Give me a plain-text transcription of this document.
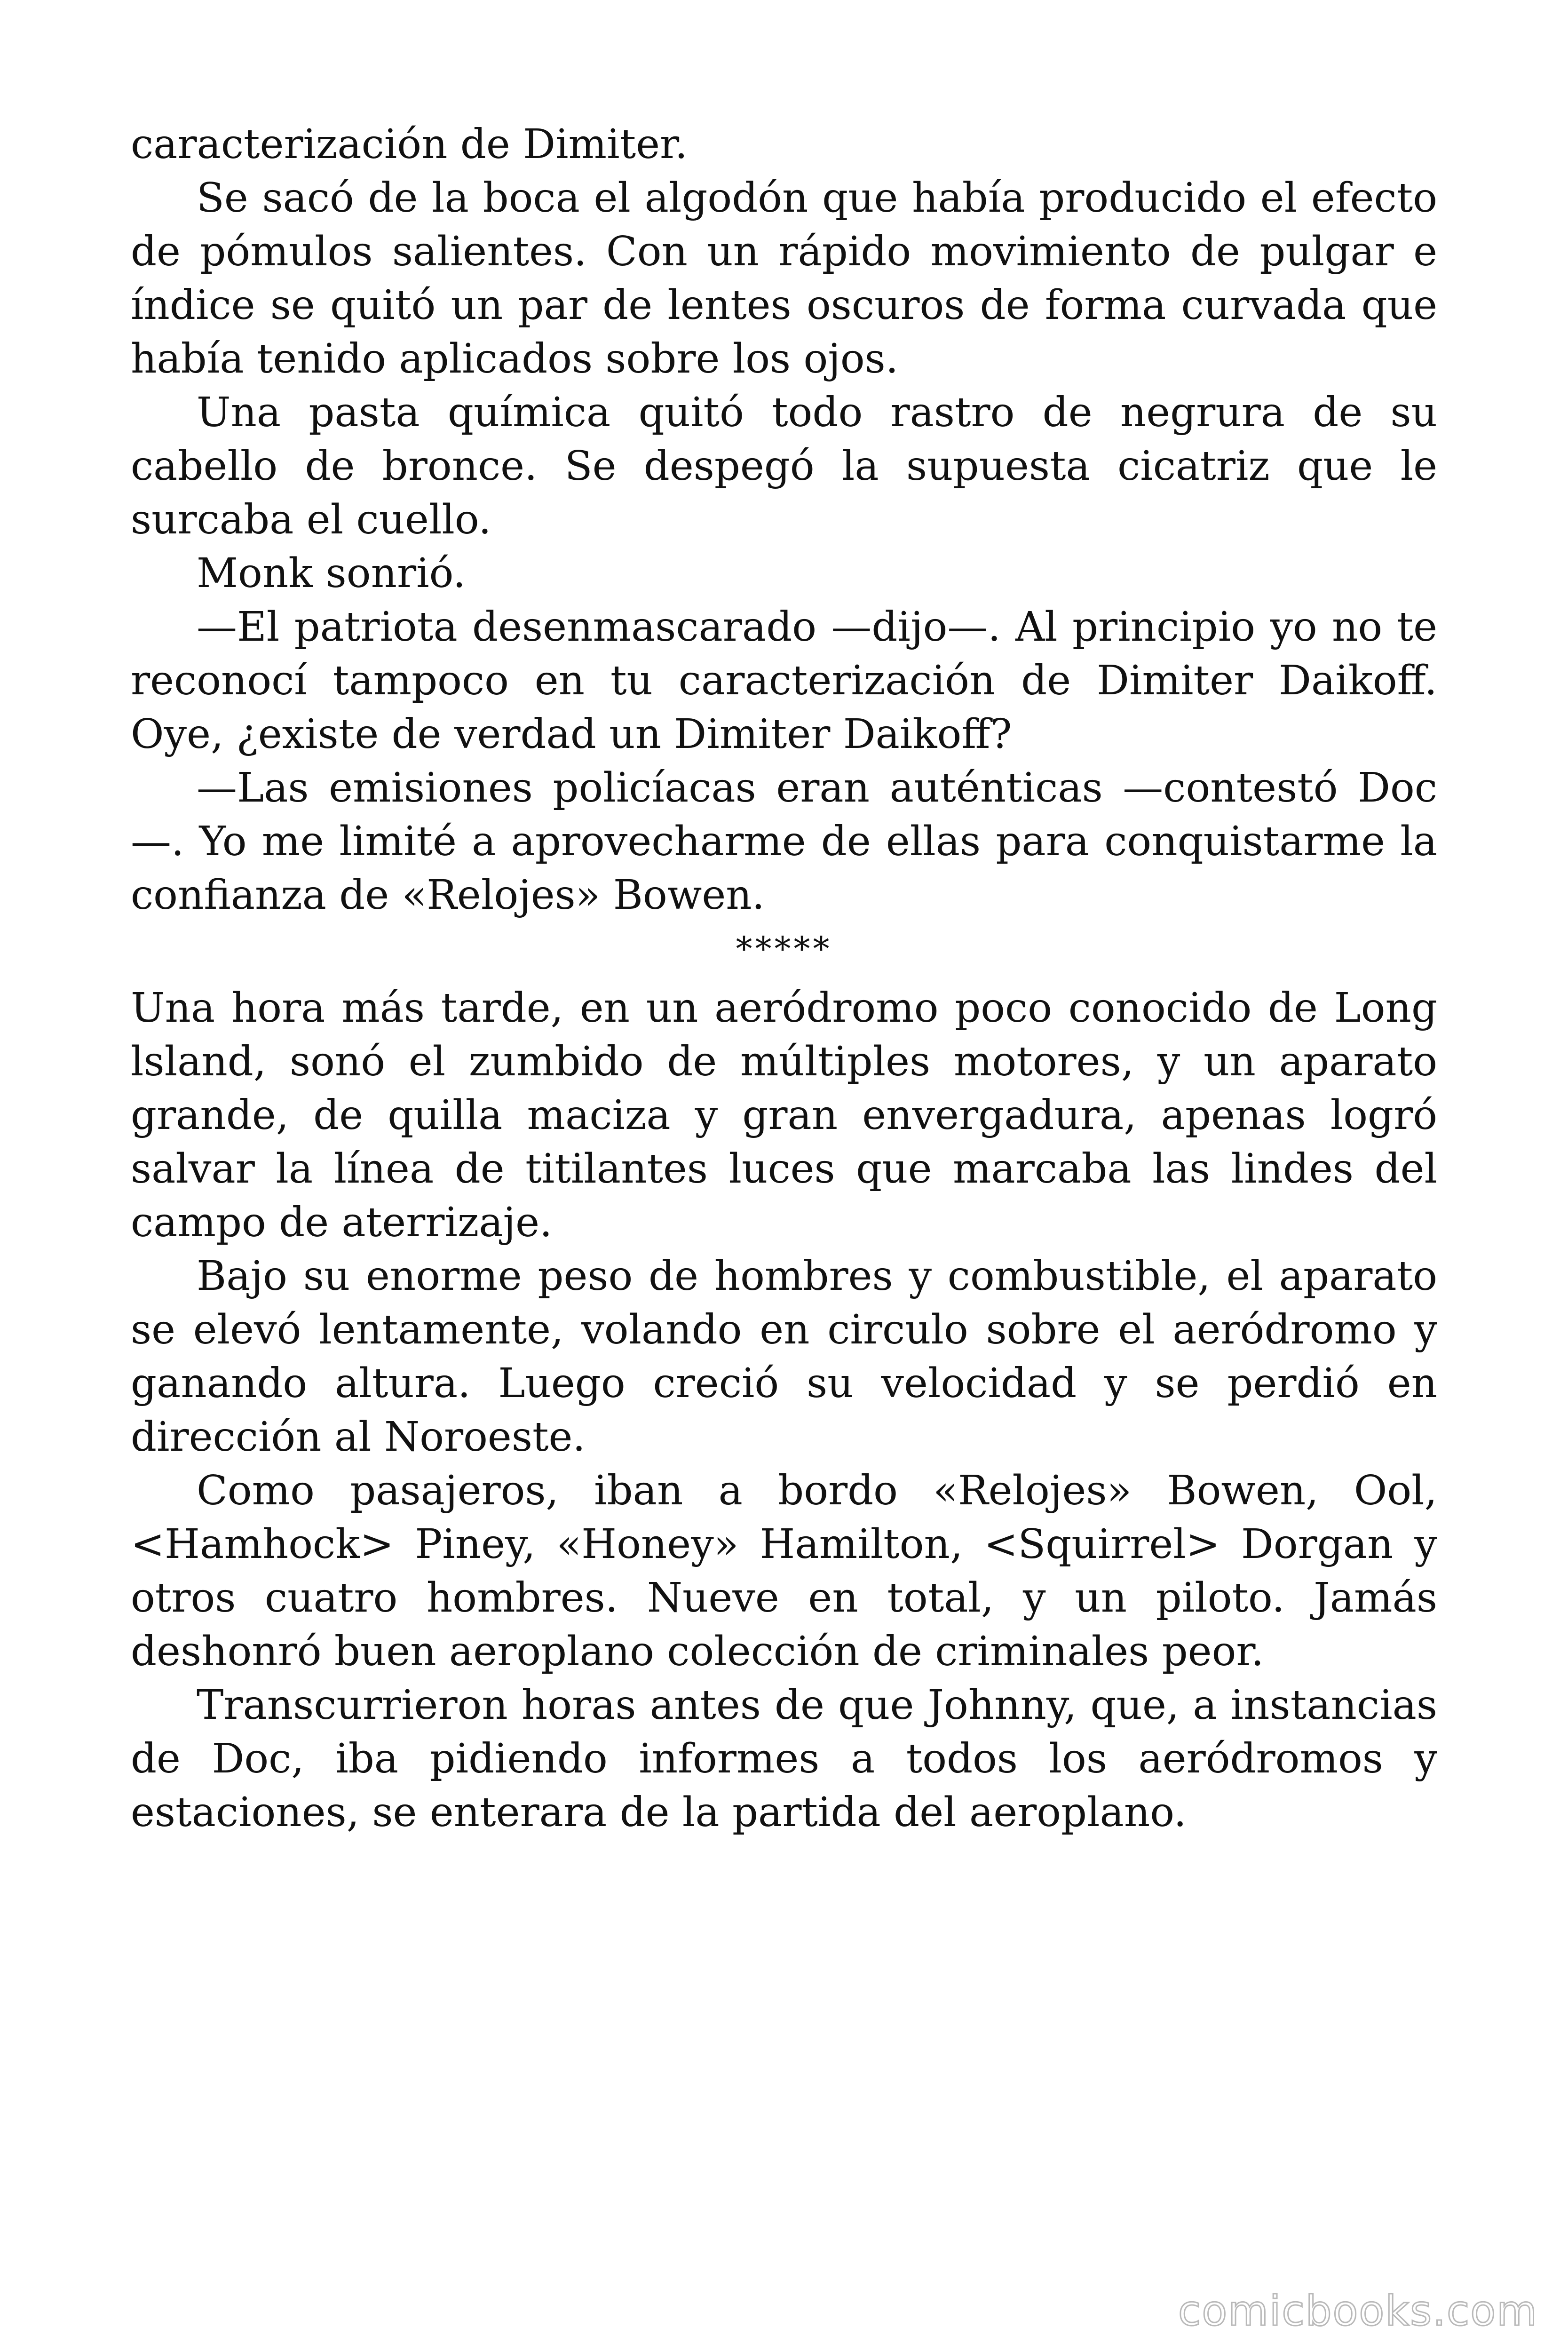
caracterización de Dimiter.

Se sacó de la boca el algodón que había producido el efecto de pómulos salientes. Con un rápido movimiento de pulgar e índice se quitó un par de lentes oscuros de forma curvada que había tenido aplicados sobre los ojos.

Una pasta química quitó todo rastro de negrura de su cabello de bronce. Se despegó la supuesta cicatriz que le surcaba el cuello.

Monk sonrió.

—El patriota desenmascarado —dijo—. Al principio yo no te reconocí tampoco en tu caracterización de Dimiter Daikoff. Oye, ¿existe de verdad un Dimiter Daikoff?

—Las emisiones policíacas eran auténticas —contestó Doc—. Yo me limité a aprovecharme de ellas para conquistarme la confianza de «Relojes» Bowen.

*****

Una hora más tarde, en un aeródromo poco conocido de Long lsland, sonó el zumbido de múltiples motores, y un aparato grande, de quilla maciza y gran envergadura, apenas logró salvar la línea de titilantes luces que marcaba las lindes del campo de aterrizaje.

Bajo su enorme peso de hombres y combustible, el aparato se elevó lentamente, volando en circulo sobre el aeródromo y ganando altura. Luego creció su velocidad y se perdió en dirección al Noroeste.

Como pasajeros, iban a bordo «Relojes» Bowen, Ool, <Hamhock> Piney, «Honey» Hamilton, <Squirrel> Dorgan y otros cuatro hombres. Nueve en total, y un piloto. Jamás deshonró buen aeroplano colección de criminales peor.

Transcurrieron horas antes de que Johnny, que, a instancias de Doc, iba pidiendo informes a todos los aeródromos y estaciones, se enterara de la partida del aeroplano.

comicbooks.com
